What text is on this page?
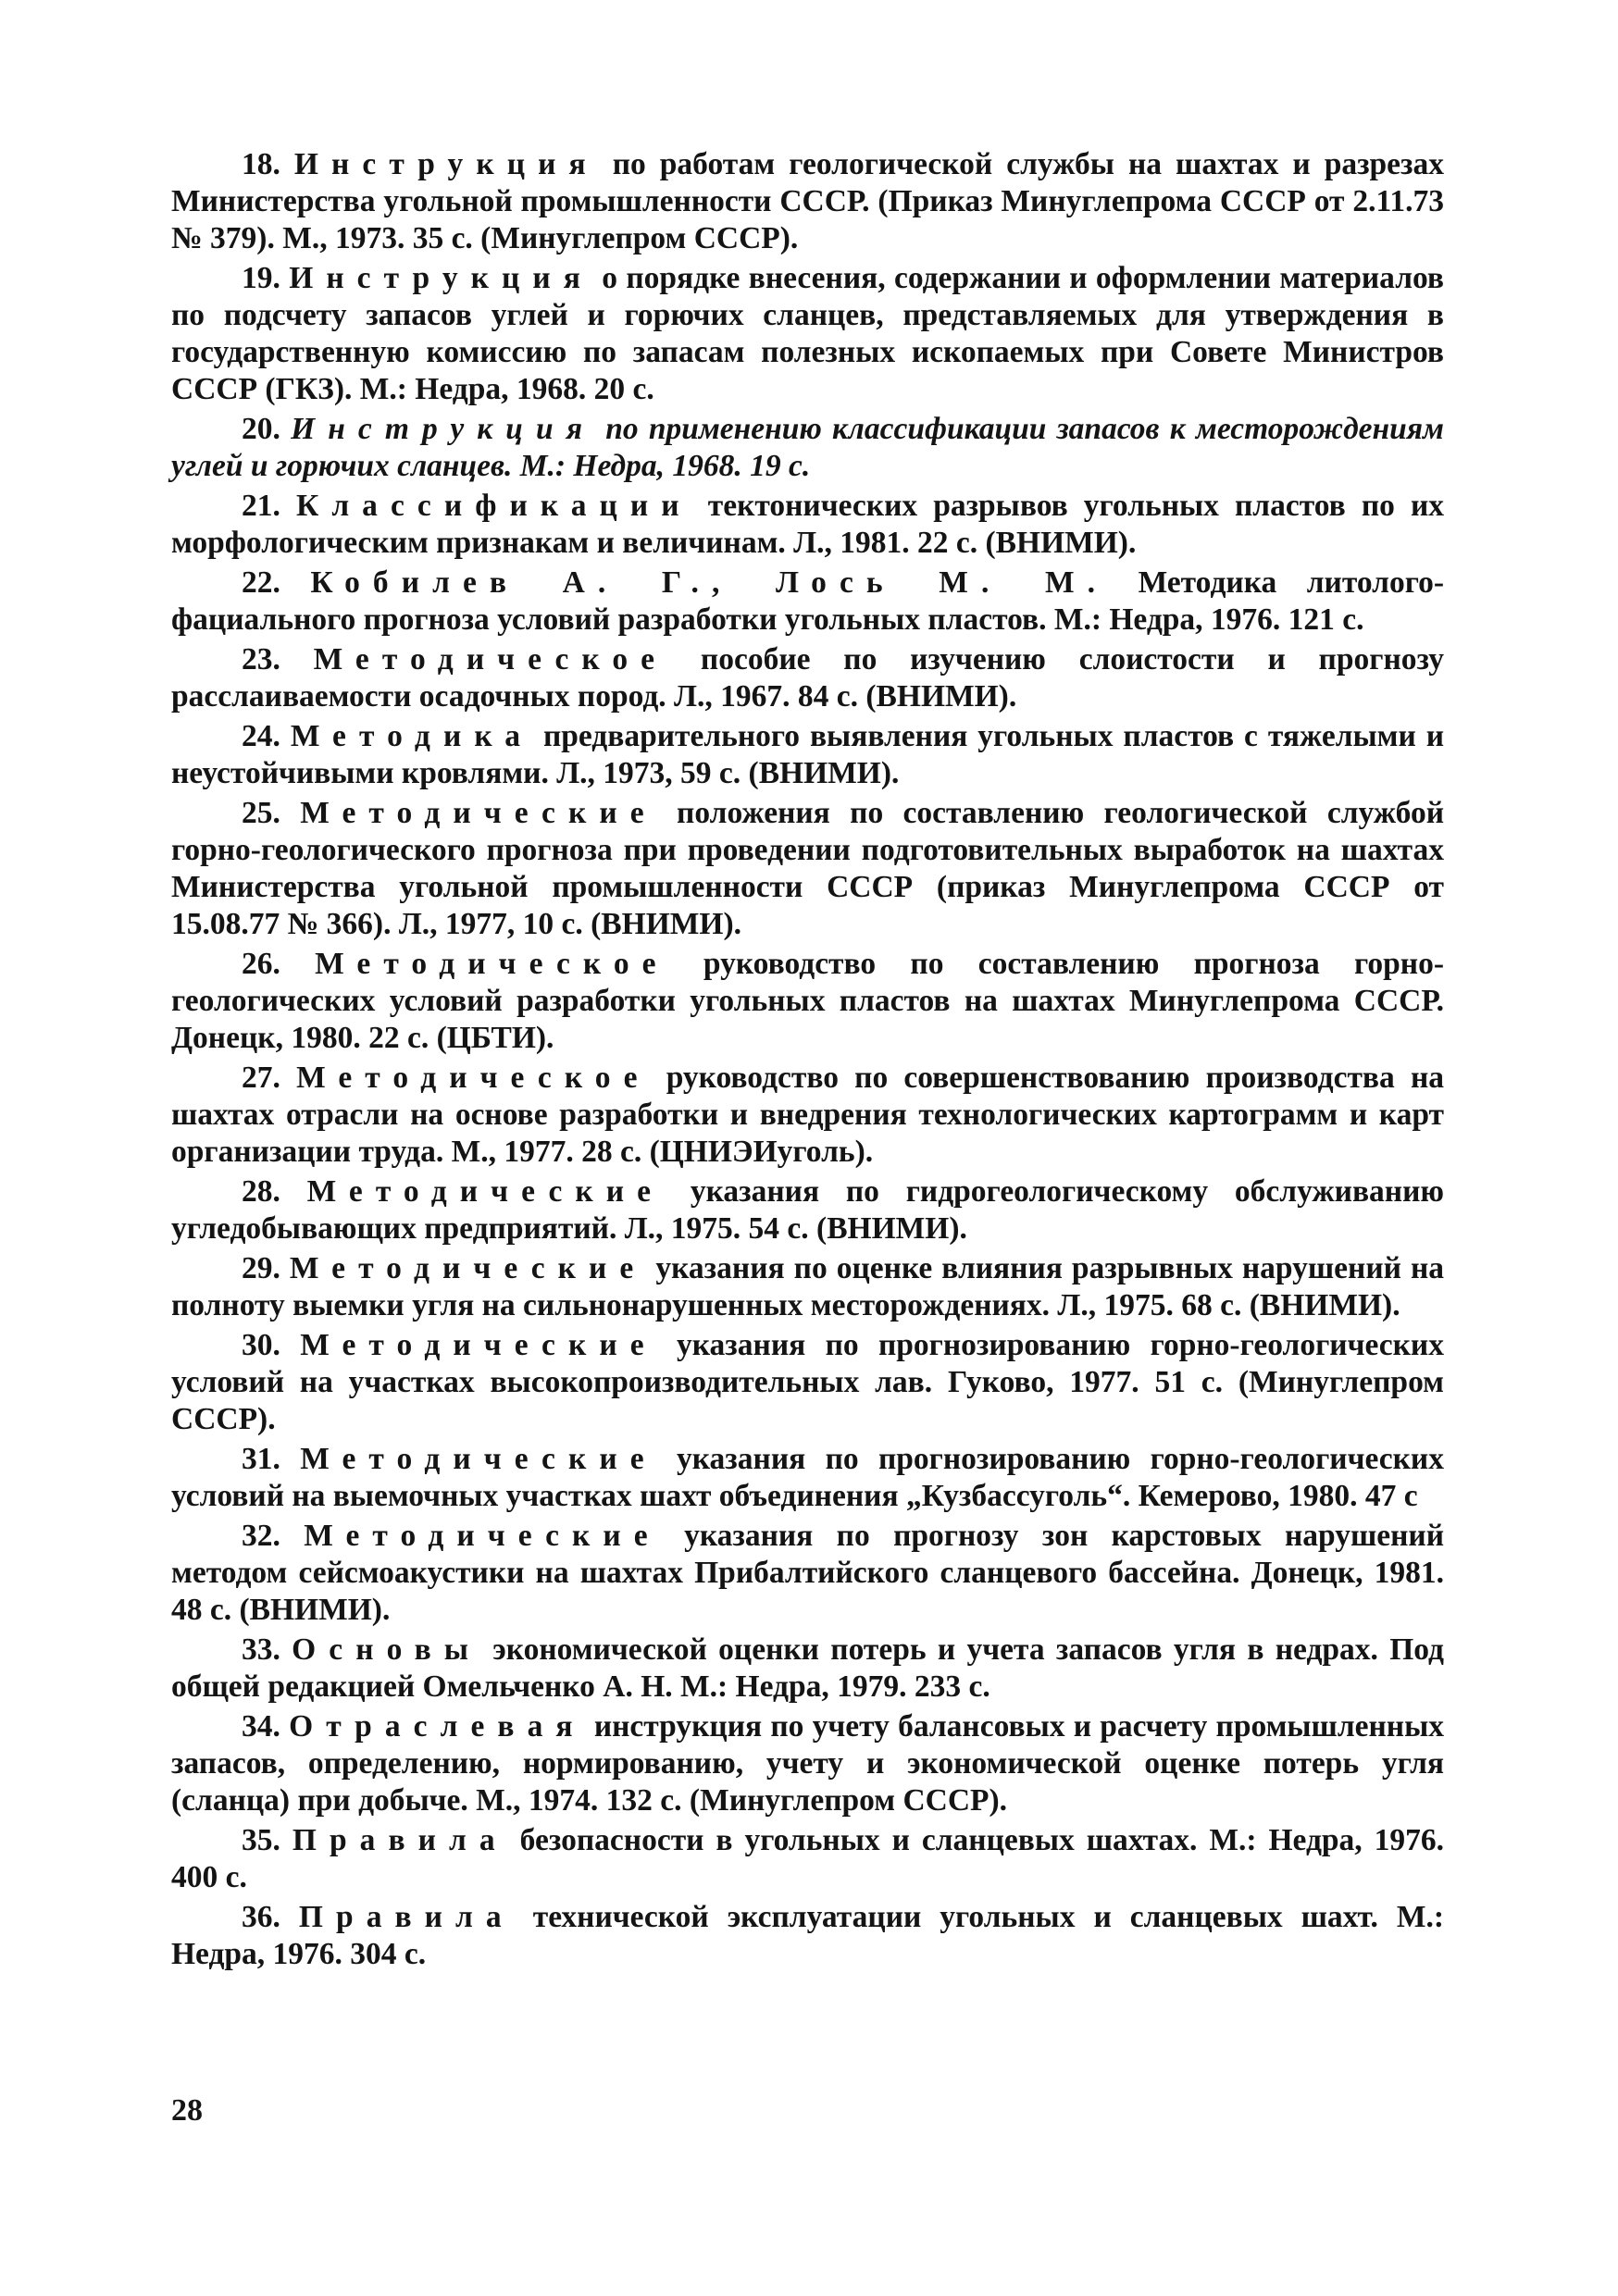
18. Инструкция по работам геологической службы на шахтах и разрезах Министерства угольной промышленности СССР. (Приказ Минуглепрома СССР от 2.11.73 № 379). М., 1973. 35 с. (Минуглепром СССР).

19. Инструкция о порядке внесения, содержании и оформлении материалов по подсчету запасов углей и горючих сланцев, представляемых для утверждения в государственную комиссию по запасам полезных ископаемых при Совете Министров СССР (ГКЗ). М.: Недра, 1968. 20 с.

20. Инструкция по применению классификации запасов к месторождениям углей и горючих сланцев. М.: Недра, 1968. 19 с.

21. Классификации тектонических разрывов угольных пластов по их морфологическим признакам и величинам. Л., 1981. 22 с. (ВНИМИ).

22. Кобилев А. Г., Лось М. М. Методика литолого-фациального прогноза условий разработки угольных пластов. М.: Недра, 1976. 121 с.

23. Методическое пособие по изучению слоистости и прогнозу расслаиваемости осадочных пород. Л., 1967. 84 с. (ВНИМИ).

24. Методика предварительного выявления угольных пластов с тяжелыми и неустойчивыми кровлями. Л., 1973, 59 с. (ВНИМИ).

25. Методические положения по составлению геологической службой горно-геологического прогноза при проведении подготовительных выработок на шахтах Министерства угольной промышленности СССР (приказ Минуглепрома СССР от 15.08.77 № 366). Л., 1977, 10 с. (ВНИМИ).

26. Методическое руководство по составлению прогноза горно-геологических условий разработки угольных пластов на шахтах Минуглепрома СССР. Донецк, 1980. 22 с. (ЦБТИ).

27. Методическое руководство по совершенствованию производства на шахтах отрасли на основе разработки и внедрения технологических картограмм и карт организации труда. М., 1977. 28 с. (ЦНИЭИуголь).

28. Методические указания по гидрогеологическому обслуживанию угледобывающих предприятий. Л., 1975. 54 с. (ВНИМИ).

29. Методические указания по оценке влияния разрывных нарушений на полноту выемки угля на сильнонарушенных месторождениях. Л., 1975. 68 с. (ВНИМИ).

30. Методические указания по прогнозированию горно-геологических условий на участках высокопроизводительных лав. Гуково, 1977. 51 с. (Минуглепром СССР).

31. Методические указания по прогнозированию горно-геологических условий на выемочных участках шахт объединения „Кузбассуголь“. Кемерово, 1980. 47 с

32. Методические указания по прогнозу зон карстовых нарушений методом сейсмоакустики на шахтах Прибалтийского сланцевого бассейна. Донецк, 1981. 48 с. (ВНИМИ).

33. Основы экономической оценки потерь и учета запасов угля в недрах. Под общей редакцией Омельченко А. Н. М.: Недра, 1979. 233 с.

34. Отраслевая инструкция по учету балансовых и расчету промышленных запасов, определению, нормированию, учету и экономической оценке потерь угля (сланца) при добыче. М., 1974. 132 с. (Минуглепром СССР).

35. Правила безопасности в угольных и сланцевых шахтах. М.: Недра, 1976. 400 с.

36. Правила технической эксплуатации угольных и сланцевых шахт. М.: Недра, 1976. 304 с.

28
